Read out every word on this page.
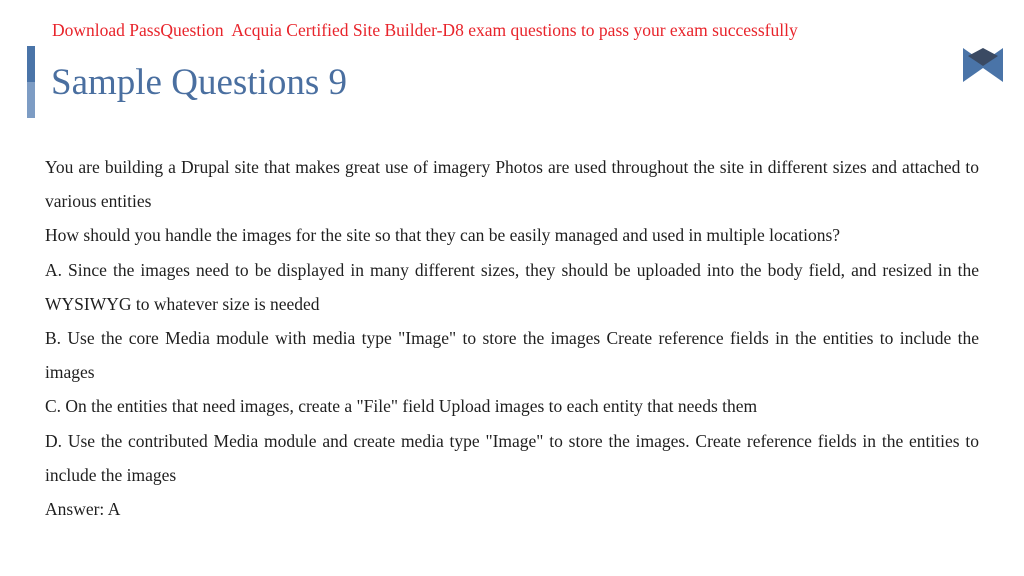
Download PassQuestion  Acquia Certified Site Builder-D8 exam questions to pass your exam successfully
Sample Questions 9

You are building a Drupal site that makes great use of imagery Photos are used throughout the site in different sizes and attached to various entities

How should you handle the images for the site so that they can be easily managed and used in multiple locations?

A. Since the images need to be displayed in many different sizes, they should be uploaded into the body field, and resized in the WYSIWYG to whatever size is needed

B. Use the core Media module with media type "Image" to store the images Create reference fields in the entities to include the images

C. On the entities that need images, create a "File" field Upload images to each entity that needs them

D. Use the contributed Media module and create media type "Image" to store the images. Create reference fields in the entities to include the images

Answer: A
